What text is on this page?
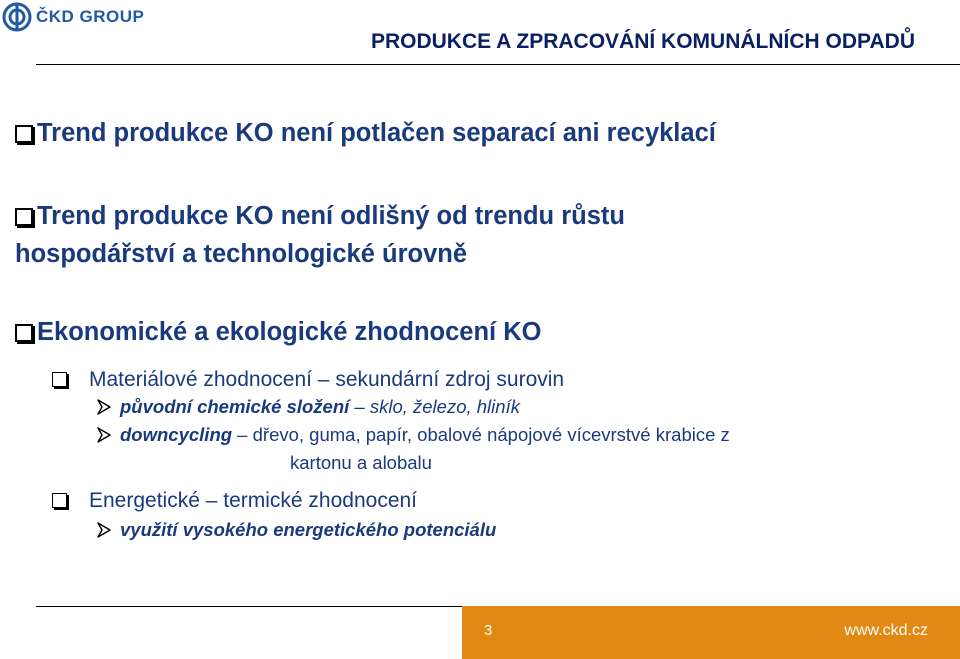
ČKD GROUP
PRODUKCE A ZPRACOVÁNÍ KOMUNÁLNÍCH ODPADŮ
Trend produkce KO není potlačen separací ani recyklací
Trend produkce KO není odlišný od trendu růstu
hospodářství a technologické úrovně
Ekonomické a ekologické zhodnocení KO
Materiálové zhodnocení – sekundární zdroj surovin
původní chemické složení – sklo, železo, hliník
downcycling – dřevo, guma, papír, obalové nápojové vícevrstvé krabice z
kartonu a alobalu
Energetické – termické zhodnocení
využití vysokého energetického potenciálu
3	www.ckd.cz
